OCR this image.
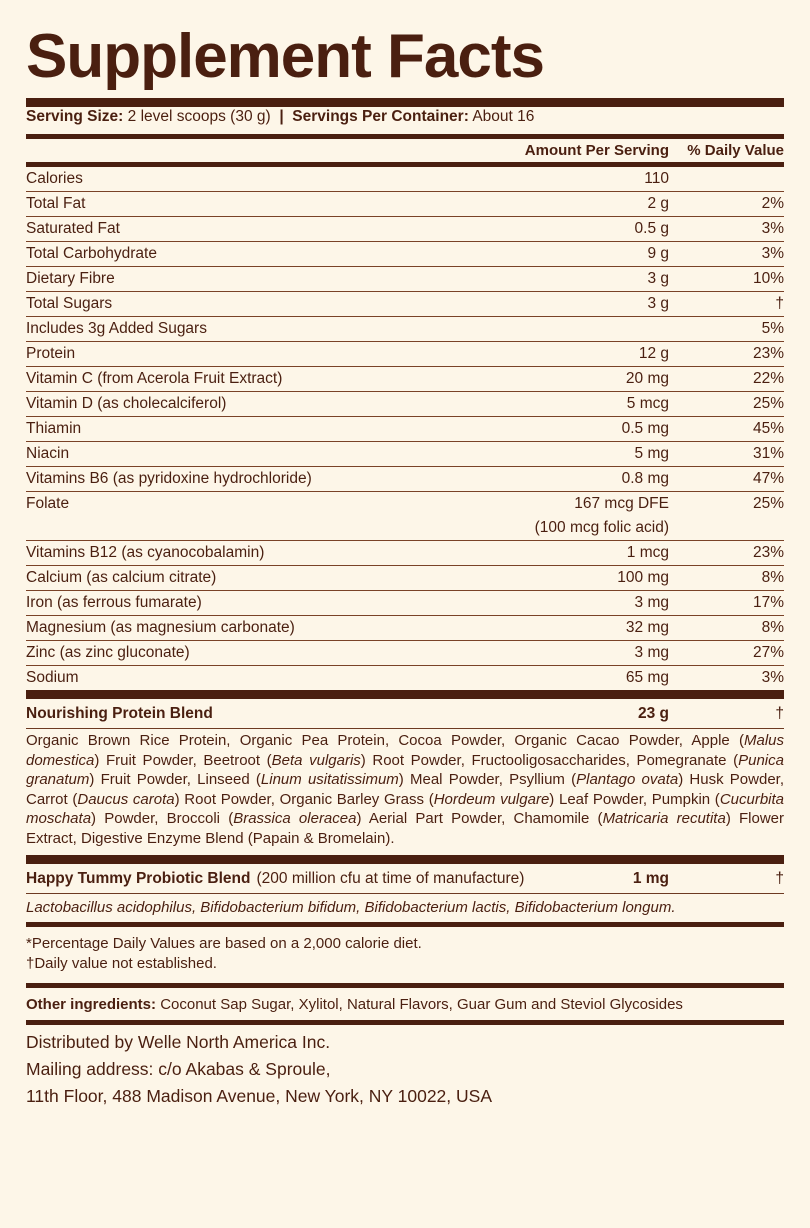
Supplement Facts
Serving Size: 2 level scoops (30 g) | Servings Per Container: About 16
	Amount Per Serving	% Daily Value
Calories	110	
Total Fat	2 g	2%
Saturated Fat	0.5 g	3%
Total Carbohydrate	9 g	3%
Dietary Fibre	3 g	10%
Total Sugars	3 g	†
Includes 3g Added Sugars		5%
Protein	12 g	23%
Vitamin C (from Acerola Fruit Extract)	20 mg	22%
Vitamin D (as cholecalciferol)	5 mcg	25%
Thiamin	0.5 mg	45%
Niacin	5 mg	31%
Vitamins B6 (as pyridoxine hydrochloride)	0.8 mg	47%
Folate	167 mcg DFE	25%
	(100 mcg folic acid)	
Vitamins B12 (as cyanocobalamin)	1 mcg	23%
Calcium (as calcium citrate)	100 mg	8%
Iron (as ferrous fumarate)	3 mg	17%
Magnesium (as magnesium carbonate)	32 mg	8%
Zinc (as zinc gluconate)	3 mg	27%
Sodium	65 mg	3%
Nourishing Protein Blend	23 g	†
Organic Brown Rice Protein, Organic Pea Protein, Cocoa Powder, Organic Cacao Powder, Apple (Malus domestica) Fruit Powder, Beetroot (Beta vulgaris) Root Powder, Fructooligosaccharides, Pomegranate (Punica granatum) Fruit Powder, Linseed (Linum usitatissimum) Meal Powder, Psyllium (Plantago ovata) Husk Powder, Carrot (Daucus carota) Root Powder, Organic Barley Grass (Hordeum vulgare) Leaf Powder, Pumpkin (Cucurbita moschata) Powder, Broccoli (Brassica oleracea) Aerial Part Powder, Chamomile (Matricaria recutita) Flower Extract, Digestive Enzyme Blend (Papain & Bromelain).
Happy Tummy Probiotic Blend (200 million cfu at time of manufacture)	1 mg	†
Lactobacillus acidophilus, Bifidobacterium bifidum, Bifidobacterium lactis, Bifidobacterium longum.
*Percentage Daily Values are based on a 2,000 calorie diet.
†Daily value not established.
Other ingredients: Coconut Sap Sugar, Xylitol, Natural Flavors, Guar Gum and Steviol Glycosides
Distributed by Welle North America Inc.
Mailing address: c/o Akabas & Sproule,
11th Floor, 488 Madison Avenue, New York, NY 10022, USA
